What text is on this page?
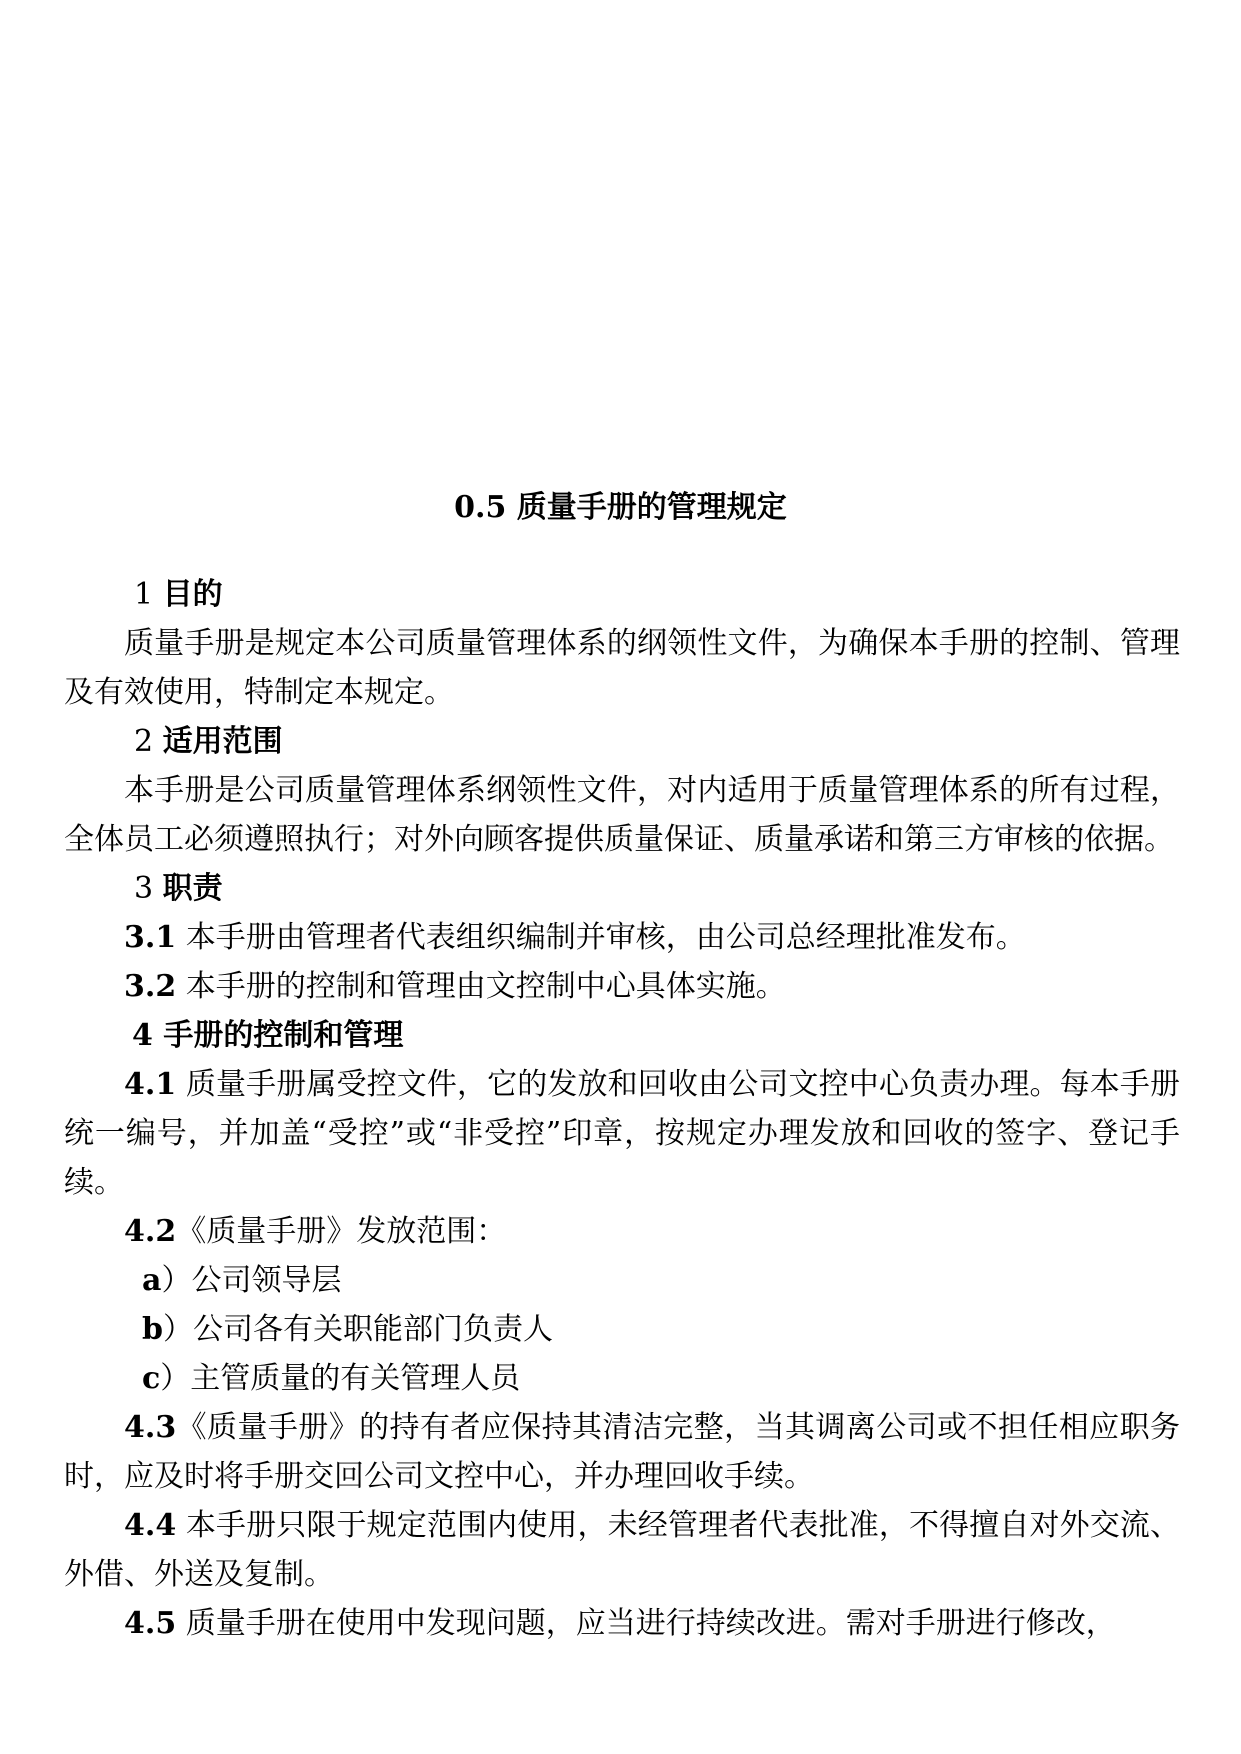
0.5 质量手册的管理规定

1 目的

质量手册是规定本公司质量管理体系的纲领性文件，为确保本手册的控制、管理及有效使用，特制定本规定。

2 适用范围

本手册是公司质量管理体系纲领性文件，对内适用于质量管理体系的所有过程，全体员工必须遵照执行；对外向顾客提供质量保证、质量承诺和第三方审核的依据。

3 职责

3.1 本手册由管理者代表组织编制并审核，由公司总经理批准发布。

3.2 本手册的控制和管理由文控制中心具体实施。

4 手册的控制和管理

4.1 质量手册属受控文件，它的发放和回收由公司文控中心负责办理。每本手册统一编号，并加盖“受控”或“非受控”印章，按规定办理发放和回收的签字、登记手续。

4.2《质量手册》发放范围：

a）公司领导层

b）公司各有关职能部门负责人

c）主管质量的有关管理人员

4.3《质量手册》的持有者应保持其清洁完整，当其调离公司或不担任相应职务时，应及时将手册交回公司文控中心，并办理回收手续。

4.4 本手册只限于规定范围内使用，未经管理者代表批准，不得擅自对外交流、外借、外送及复制。

4.5 质量手册在使用中发现问题，应当进行持续改进。需对手册进行修改，
